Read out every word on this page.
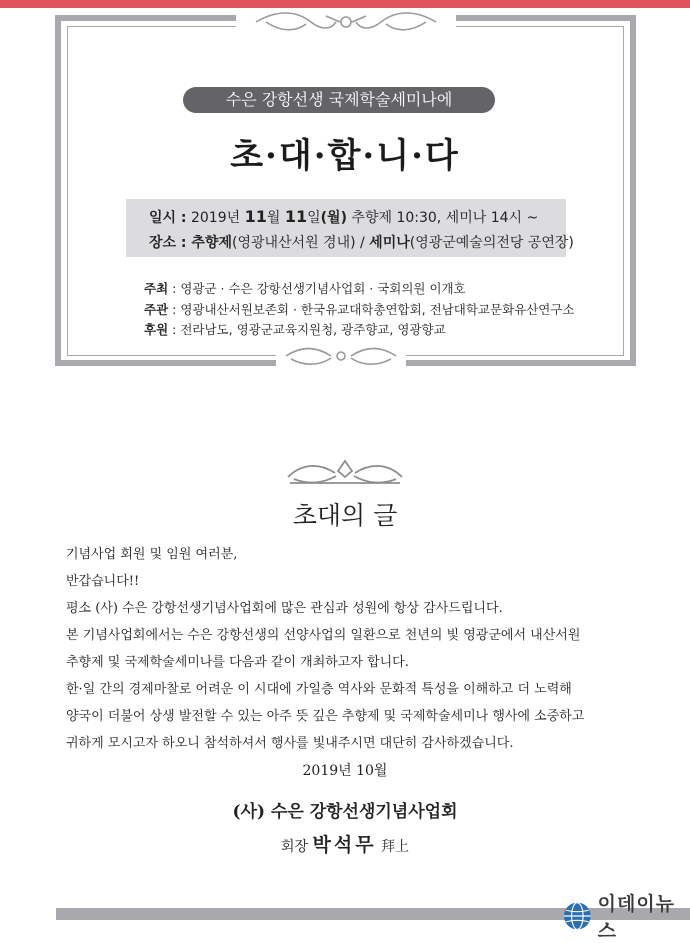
수은 강항선생 국제학술세미나에
초·대·합·니·다
일시 : 2019년 11월 11일(월) 추향제 10:30, 세미나 14시 ~
장소 : 추향제(영광내산서원 경내) / 세미나(영광군예술의전당 공연장)
주최 : 영광군 · 수은 강항선생기념사업회 · 국회의원 이개호
주관 : 영광내산서원보존회 · 한국유교대학총연합회, 전남대학교문화유산연구소
후원 : 전라남도, 영광군교육지원청, 광주향교, 영광향교
초대의 글
기념사업 회원 및 임원 여러분,
반갑습니다!!
평소 (사) 수은 강항선생기념사업회에 많은 관심과 성원에 항상 감사드립니다.
본 기념사업회에서는 수은 강항선생의 선양사업의 일환으로 천년의 빛 영광군에서 내산서원
추향제 및 국제학술세미나를 다음과 같이 개최하고자 합니다.
한·일 간의 경제마찰로 어려운 이 시대에 가일층 역사와 문화적 특성을 이해하고 더 노력해
양국이 더불어 상생 발전할 수 있는 아주 뜻 깊은 추향제 및 국제학술세미나 행사에 소중하고
귀하게 모시고자 하오니 참석하셔서 행사를 빛내주시면 대단히 감사하겠습니다.
2019년 10월
(사) 수은 강항선생기념사업회
회장 박석무 拜上
이데이뉴스
